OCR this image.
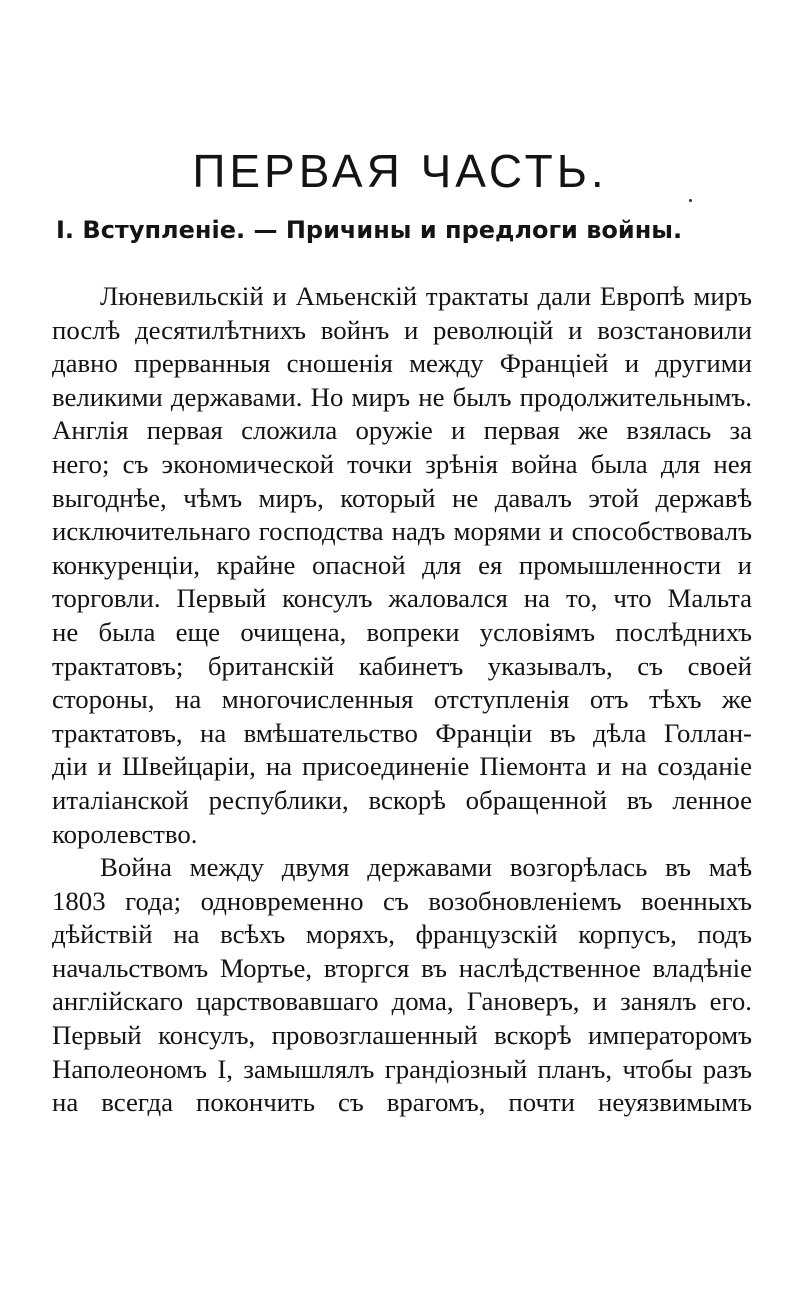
ПЕРВАЯ ЧАСТЬ.
I. Вступленіе. — Причины и предлоги войны.
Люневильскій и Амьенскій трактаты дали Европѣ миръ
послѣ десятилѣтнихъ войнъ и революцій и возстановили
давно прерванныя сношенія между Франціей и другими
великими державами. Но миръ не былъ продолжительнымъ.
Англія первая сложила оружіе и первая же взялась за
него; съ экономической точки зрѣнія война была для нея
выгоднѣе, чѣмъ миръ, который не давалъ этой державѣ
исключительнаго господства надъ морями и способствовалъ
конкуренціи, крайне опасной для ея промышленности и
торговли. Первый консулъ жаловался на то, что Мальта
не была еще очищена, вопреки условіямъ послѣднихъ
трактатовъ; британскій кабинетъ указывалъ, съ своей
стороны, на многочисленныя отступленія отъ тѣхъ же
трактатовъ, на вмѣшательство Франціи въ дѣла Голлан-
діи и Швейцаріи, на присоединеніе Піемонта и на созданіе
италіанской республики, вскорѣ обращенной въ ленное
королевство.
Война между двумя державами возгорѣлась въ маѣ
1803 года; одновременно съ возобновленіемъ военныхъ
дѣйствій на всѣхъ моряхъ, французскій корпусъ, подъ
начальствомъ Мортье, вторгся въ наслѣдственное владѣніе
англійскаго царствовавшаго дома, Гановеръ, и занялъ его.
Первый консулъ, провозглашенный вскорѣ императоромъ
Наполеономъ I, замышлялъ грандіозный планъ, чтобы разъ
на всегда покончить съ врагомъ, почти неуязвимымъ
